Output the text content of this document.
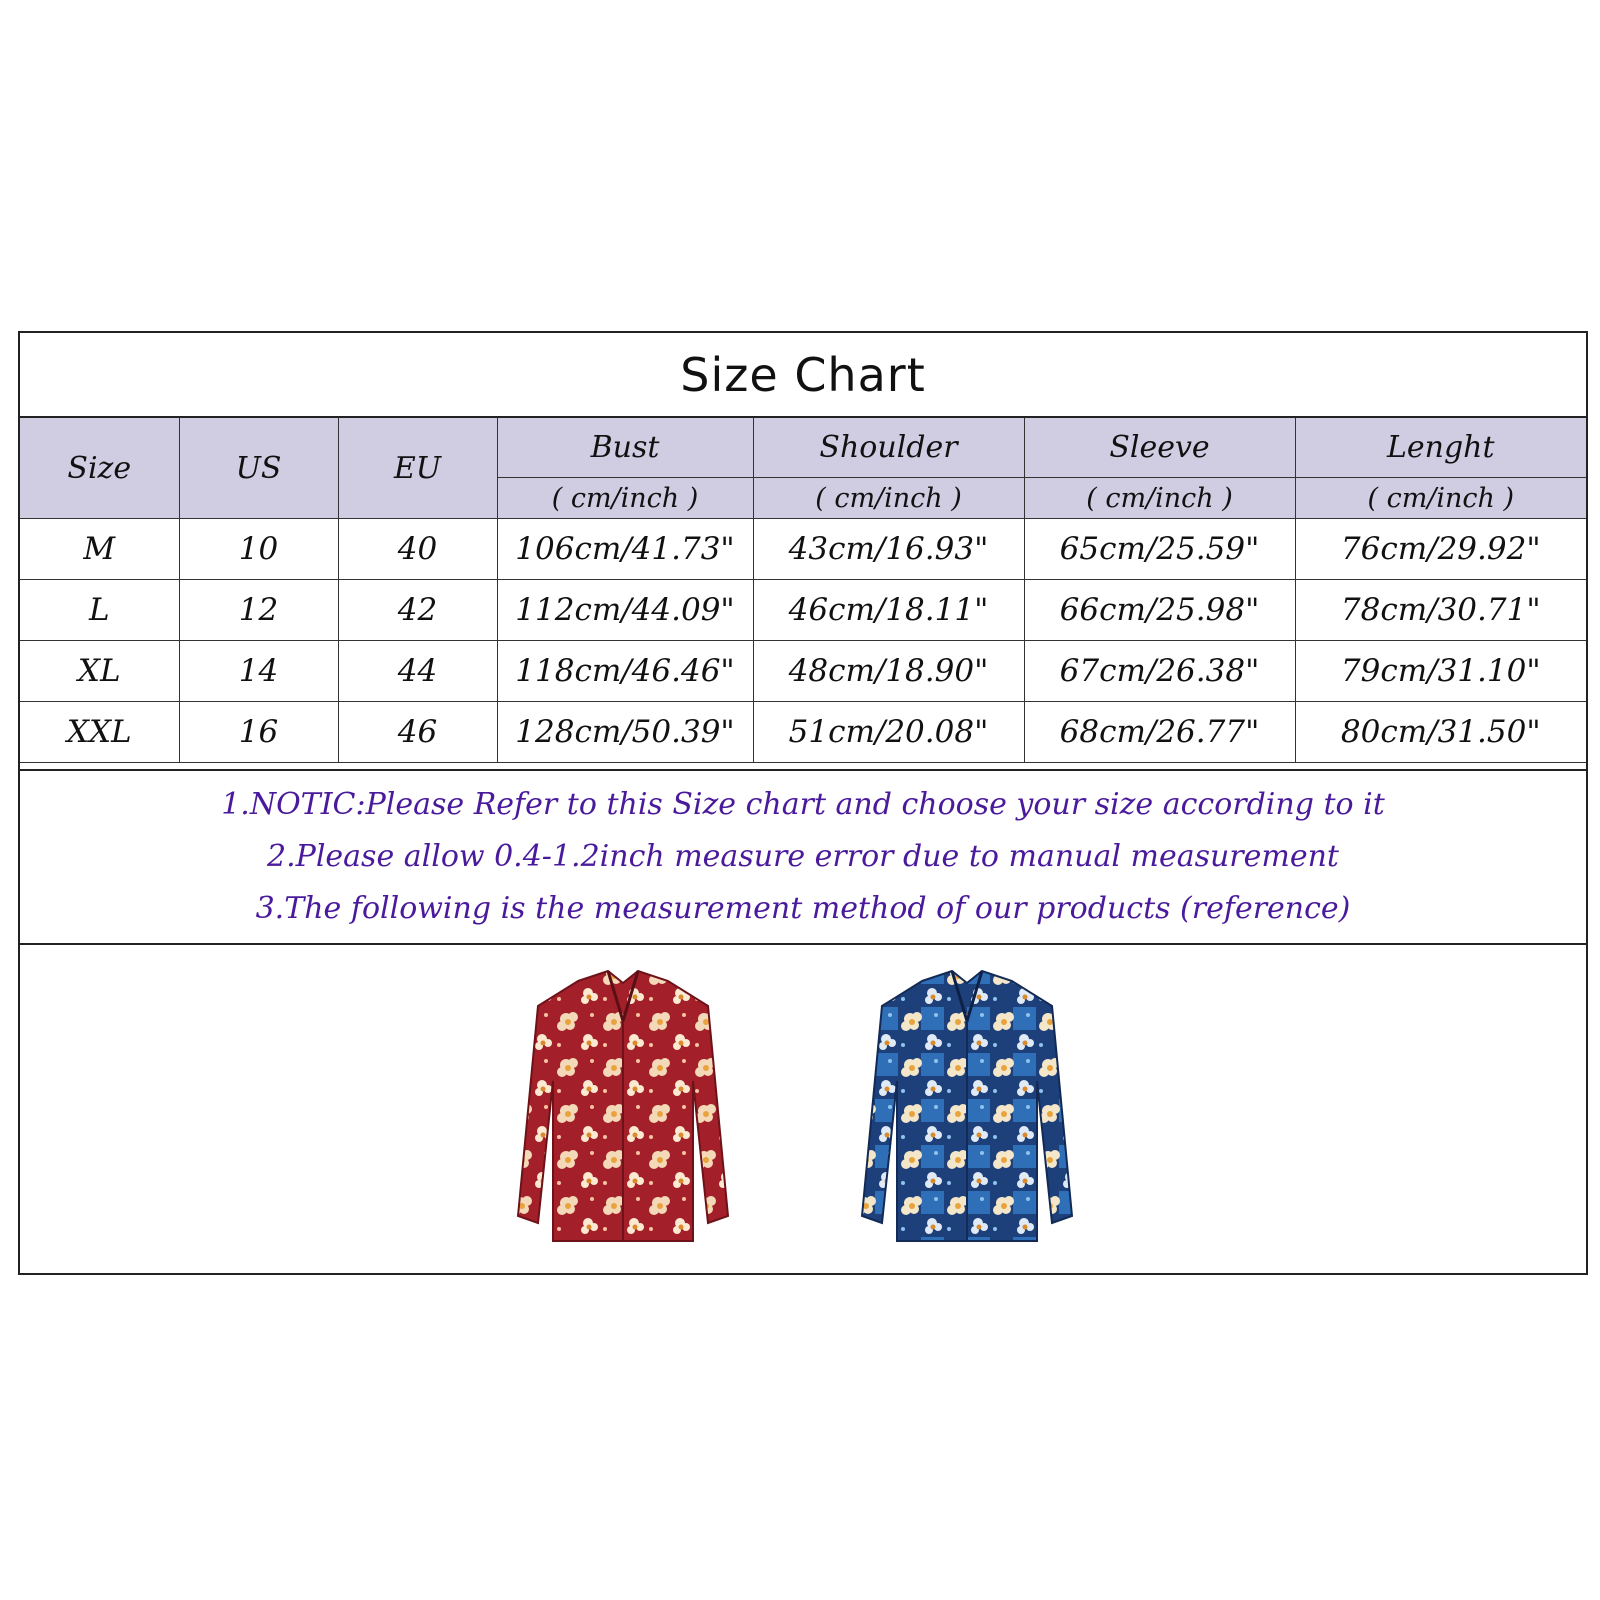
Size Chart
Size	US	EU	Bust	Shoulder	Sleeve	Lenght
			( cm/inch )	( cm/inch )	( cm/inch )	( cm/inch )
M	10	40	106cm/41.73"	43cm/16.93"	65cm/25.59"	76cm/29.92"
L	12	42	112cm/44.09"	46cm/18.11"	66cm/25.98"	78cm/30.71"
XL	14	44	118cm/46.46"	48cm/18.90"	67cm/26.38"	79cm/31.10"
XXL	16	46	128cm/50.39"	51cm/20.08"	68cm/26.77"	80cm/31.50"
1.NOTIC:Please Refer to this Size chart and choose your size according to it
2.Please allow 0.4-1.2inch measure error due to manual measurement
3.The following is the measurement method of our products (reference)
